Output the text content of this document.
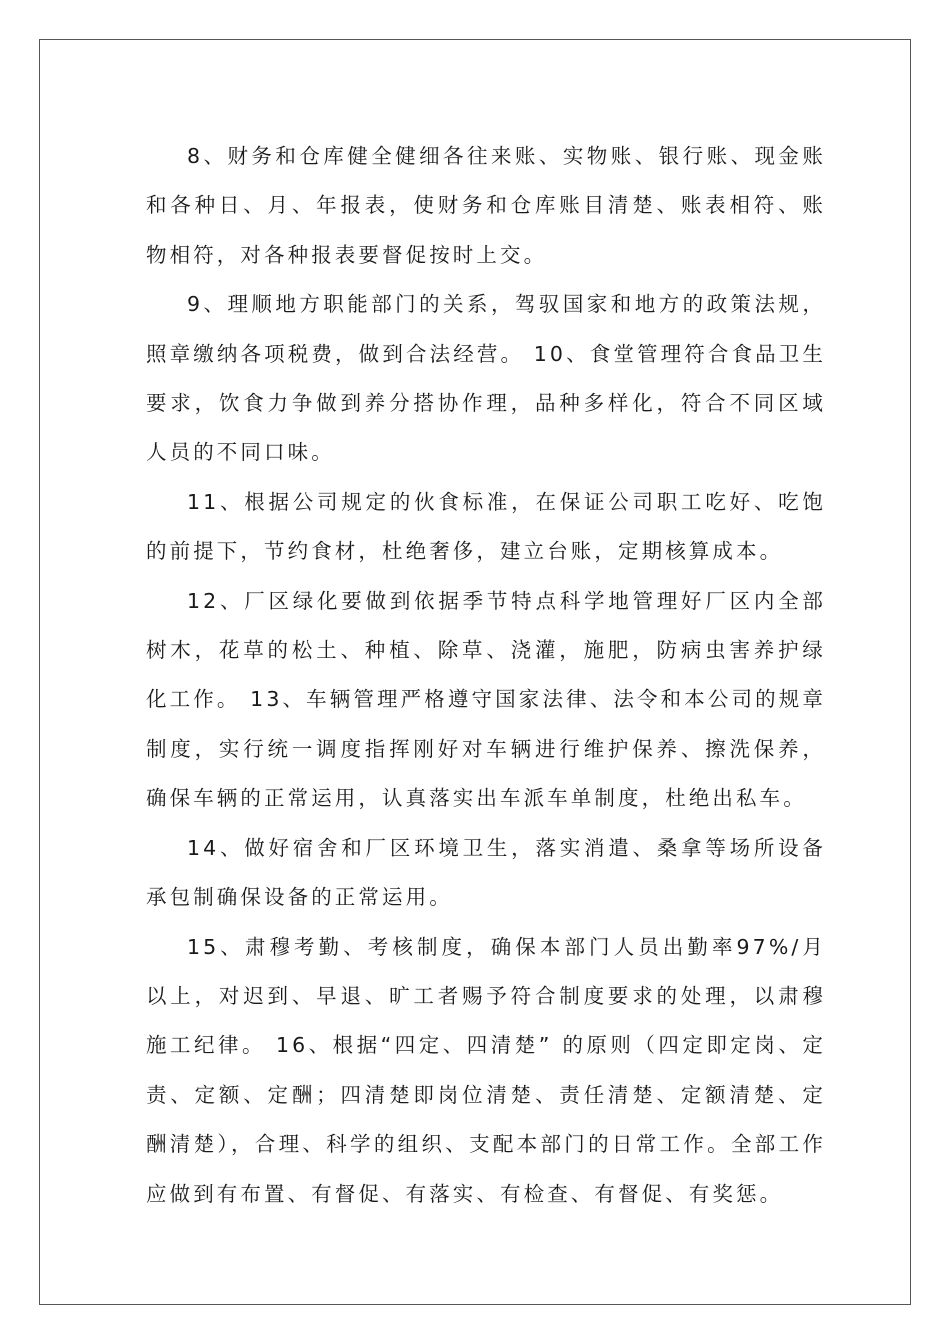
8、财务和仓库健全健细各往来账、实物账、银行账、现金账和各种日、月、年报表，使财务和仓库账目清楚、账表相符、账物相符，对各种报表要督促按时上交。

9、理顺地方职能部门的关系，驾驭国家和地方的政策法规，照章缴纳各项税费，做到合法经营。 10、食堂管理符合食品卫生要求，饮食力争做到养分搭协作理，品种多样化，符合不同区域人员的不同口味。

11、根据公司规定的伙食标准，在保证公司职工吃好、吃饱的前提下，节约食材，杜绝奢侈，建立台账，定期核算成本。

12、厂区绿化要做到依据季节特点科学地管理好厂区内全部树木，花草的松土、种植、除草、浇灌，施肥，防病虫害养护绿化工作。 13、车辆管理严格遵守国家法律、法令和本公司的规章制度，实行统一调度指挥刚好对车辆进行维护保养、擦洗保养，确保车辆的正常运用，认真落实出车派车单制度，杜绝出私车。

14、做好宿舍和厂区环境卫生，落实消遣、桑拿等场所设备承包制确保设备的正常运用。

15、肃穆考勤、考核制度，确保本部门人员出勤率97%/月以上，对迟到、早退、旷工者赐予符合制度要求的处理，以肃穆施工纪律。 16、根据“四定、四清楚” 的原则（四定即定岗、定责、定额、定酬；四清楚即岗位清楚、责任清楚、定额清楚、定酬清楚），合理、科学的组织、支配本部门的日常工作。全部工作应做到有布置、有督促、有落实、有检查、有督促、有奖惩。
